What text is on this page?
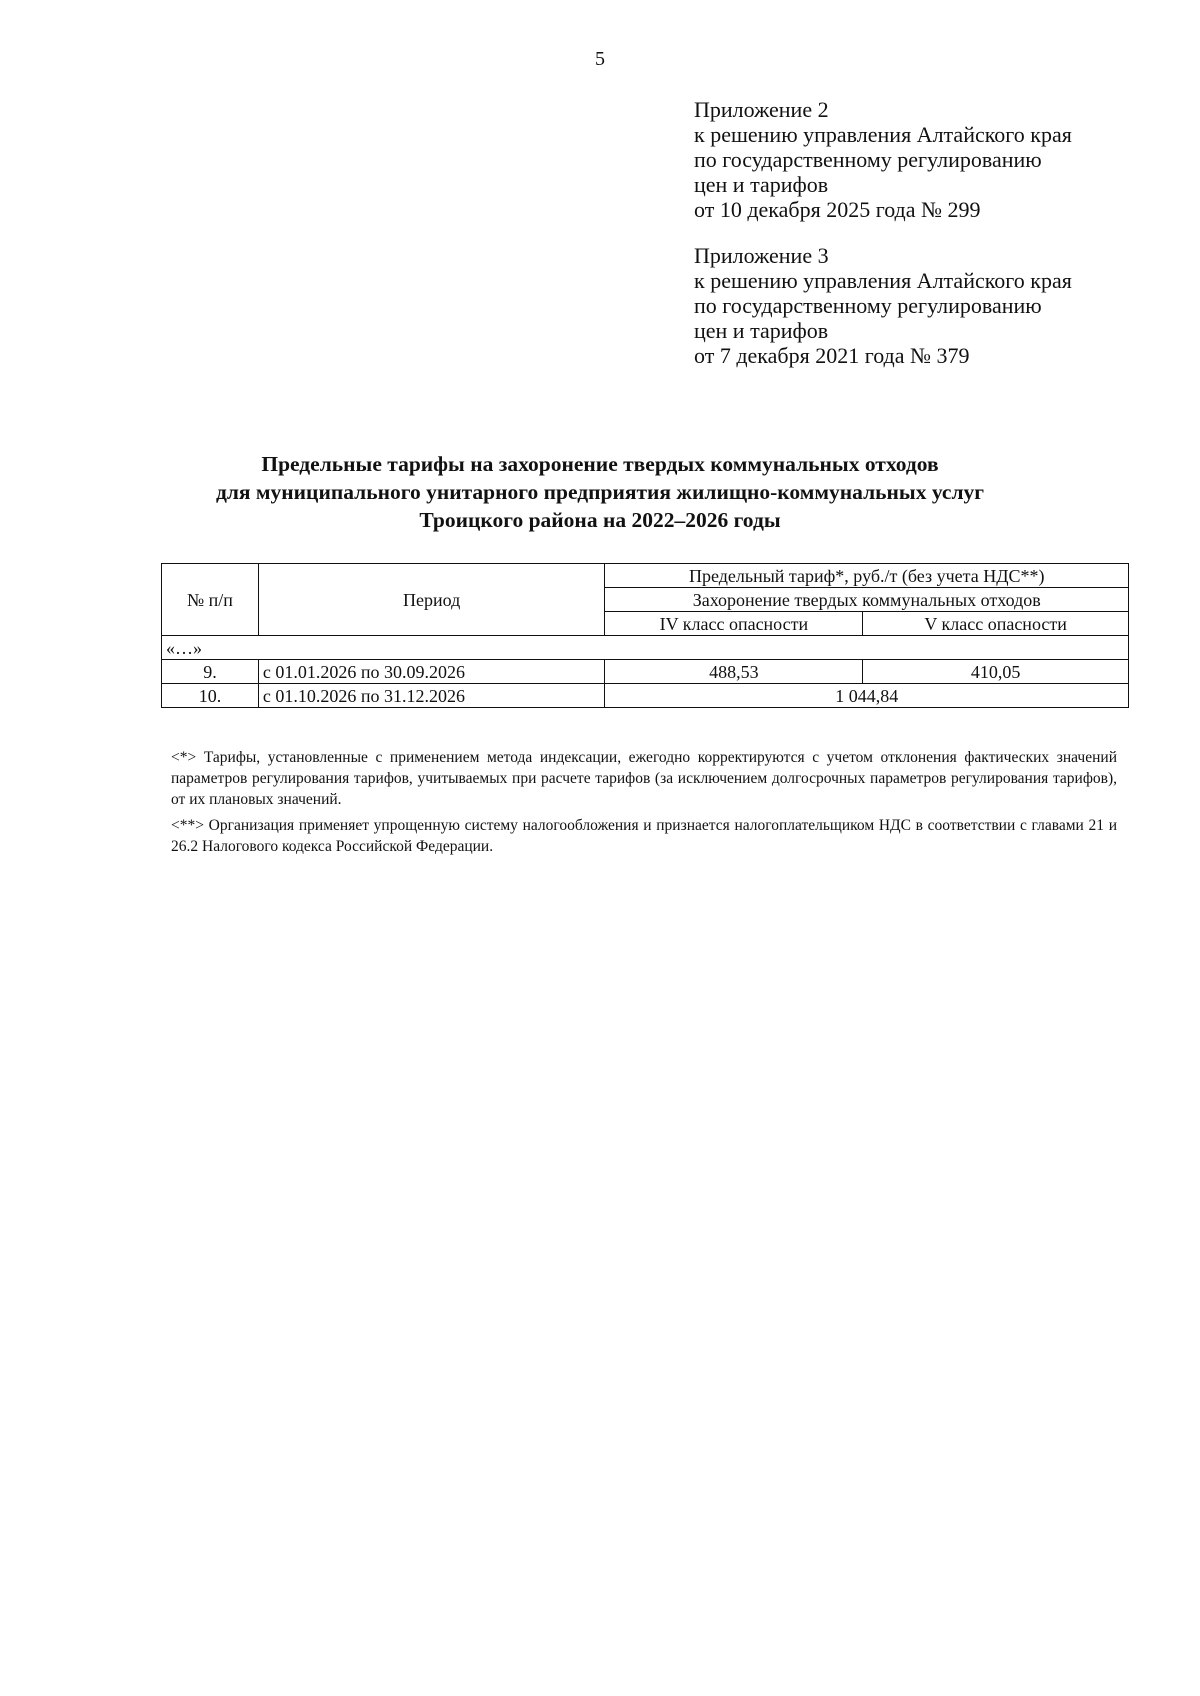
5
Приложение 2
к решению управления Алтайского края
по государственному регулированию
цен и тарифов
от 10 декабря 2025 года № 299
Приложение 3
к решению управления Алтайского края
по государственному регулированию
цен и тарифов
от 7 декабря 2021 года № 379
Предельные тарифы на захоронение твердых коммунальных отходов
для муниципального унитарного предприятия жилищно-коммунальных услуг
Троицкого района на 2022–2026 годы
№ п/п	Период	Предельный тариф*, руб./т (без учета НДС**)	
		Захоронение твердых коммунальных отходов	
		IV класс опасности	V класс опасности
«…»			
9.	с 01.01.2026 по 30.09.2026	488,53	410,05
10.	с 01.10.2026 по 31.12.2026	1 044,84	

<*> Тарифы, установленные с применением метода индексации, ежегодно корректируются с учетом отклонения фактических значений параметров регулирования тарифов, учитываемых при расчете тарифов (за исключением долгосрочных параметров регулирования тарифов), от их плановых значений.

<**> Организация применяет упрощенную систему налогообложения и признается налогоплательщиком НДС в соответствии с главами 21 и 26.2 Налогового кодекса Российской Федерации.
